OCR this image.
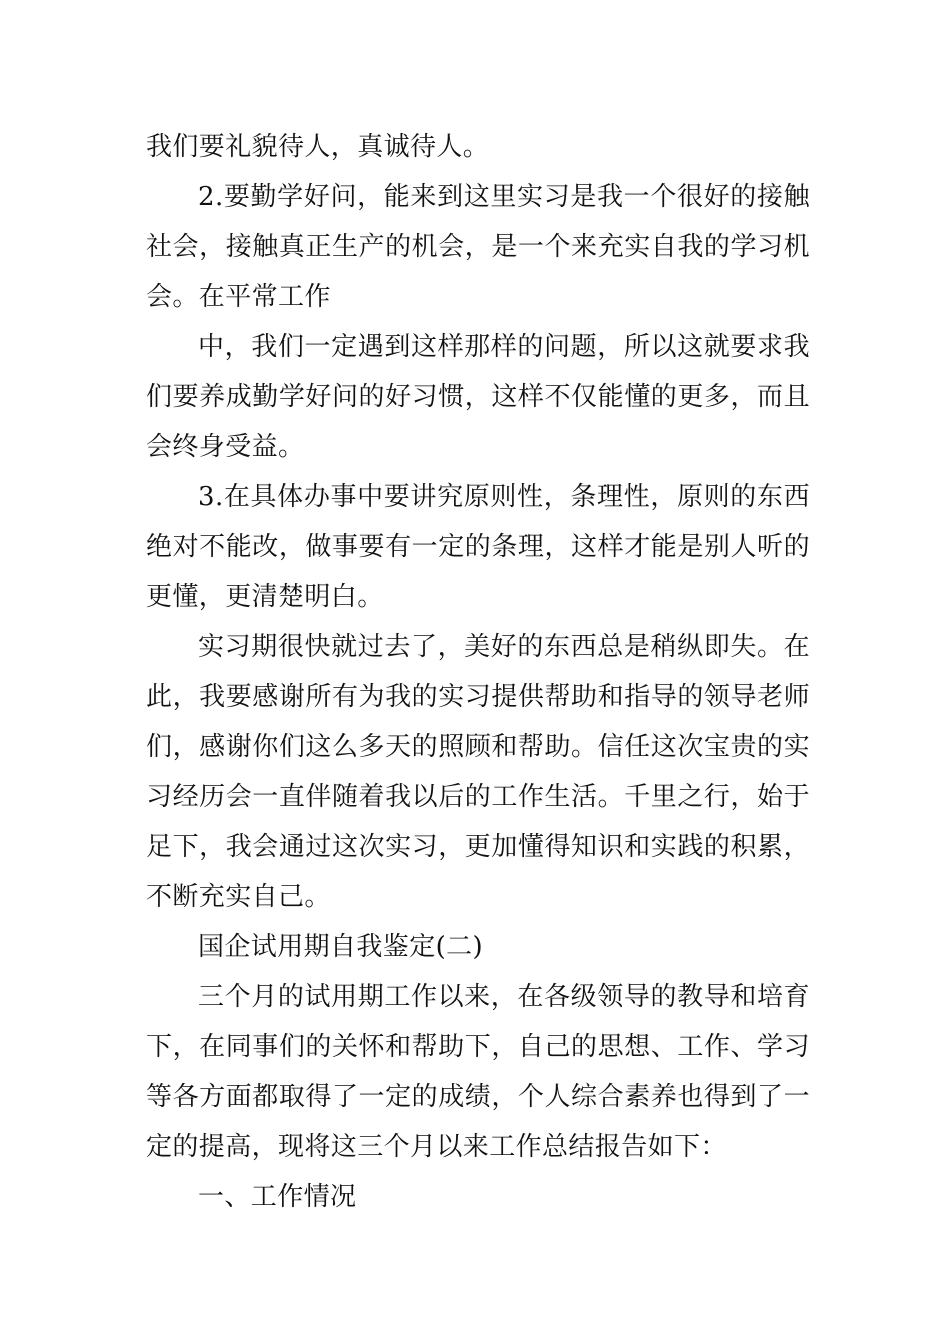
我们要礼貌待人，真诚待人。

2.要勤学好问，能来到这里实习是我一个很好的接触社会，接触真正生产的机会，是一个来充实自我的学习机会。在平常工作

中，我们一定遇到这样那样的问题，所以这就要求我们要养成勤学好问的好习惯，这样不仅能懂的更多，而且会终身受益。

3.在具体办事中要讲究原则性，条理性，原则的东西绝对不能改，做事要有一定的条理，这样才能是别人听的更懂，更清楚明白。

实习期很快就过去了，美好的东西总是稍纵即失。在此，我要感谢所有为我的实习提供帮助和指导的领导老师们，感谢你们这么多天的照顾和帮助。信任这次宝贵的实习经历会一直伴随着我以后的工作生活。千里之行，始于足下，我会通过这次实习，更加懂得知识和实践的积累，不断充实自己。

国企试用期自我鉴定(二)

三个月的试用期工作以来，在各级领导的教导和培育下，在同事们的关怀和帮助下，自己的思想、工作、学习等各方面都取得了一定的成绩，个人综合素养也得到了一定的提高，现将这三个月以来工作总结报告如下：

一、工作情况
